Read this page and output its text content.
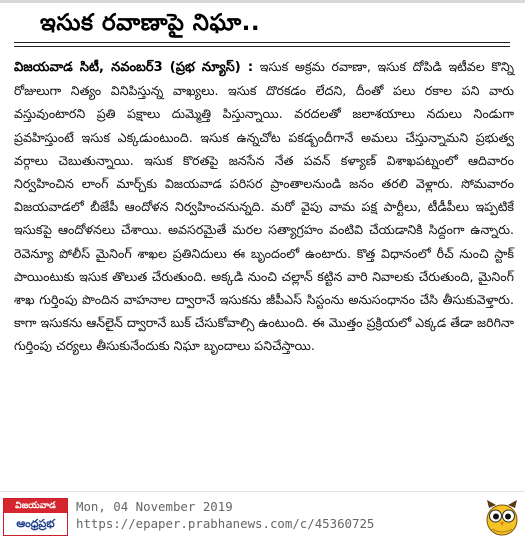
ఇసుక రవాణాపై నిఘా..

విజయవాడ సిటీ, నవంబర్‌3 (ప్రభ న్యూస్‌) : ఇసుక అక్రమ రవాణా, ఇసుక దోపిడి ఇటీవల కొన్ని రోజులుగా నిత్యం వినిపిస్తున్న వాఖ్యలు. ఇసుక దొరకడం లేదని, దీంతో పలు రకాల పని వారు వస్తువుంటారని ప్రతి పక్షాలు దుమ్మెత్తి పిస్తున్నాయి. వరదలతో జలాశయాలు నదులు నిండుగా ప్రవహిస్తుంటే ఇసుక ఎక్కడుంటుంది. ఇసుక ఉన్నచోట పకడ్బందీగానే అమలు చేస్తున్నామని ప్రభుత్వ వర్గాలు చెబుతున్నాయి. ఇసుక కొరతపై జనసేన నేత పవన్‌ కళ్యాణ్‌ విశాఖపట్నంలో ఆదివారం నిర్వహించిన లాంగ్‌ మార్చ్‌కు విజయవాడ పరిసర ప్రాంతాలనుండి జనం తరలి వెళ్లారు. సోమవారం విజయవాడలో బీజేపీ ఆందోళన నిర్వహించనున్నది. మరో వైపు వామ పక్ష పార్టీలు, టీడీపీలు ఇప్పటికే ఇసుకపై ఆందోళనలు చేశాయి. అవసరమైతే మరల సత్యాగ్రహం వంటివి చేయడానికి సిద్దంగా ఉన్నారు. రెవెన్యూ పోలీస్‌ మైనింగ్‌ శాఖల ప్రతినిదులు ఈ బృందంలో ఉంటారు. కొత్త విధానంలో రీచ్‌ నుంచి స్టాక్‌ పాయింటుకు ఇసుక తొలుత చేరుతుంది. అక్కడి నుంచి చల్లాన్‌ కట్టిన వారి నివాలకు చేరుతుంది, మైనింగ్‌ శాఖ గుర్తింపు పొందిన వాహనాల ద్వారానే ఇసుకను జీపీఎస్‌ సిస్టంను అనుసంధానం చేసి తీసుకువెళ్తారు. కాగా ఇసుకను ఆన్‌లైన్‌ ద్వారానే బుక్‌ చేసుకోవాల్సి ఉంటుంది. ఈ మొత్తం ప్రక్రియలో ఎక్కడ తేడా జరిగినా గుర్తింపు చర్యలు తీసుకునేందుకు నిఘా బృందాలు పనిచేస్తాయి.

విజయవాడ
ఆంధ్రప్రభ
Mon, 04 November 2019
https://epaper.prabhanews.com/c/45360725
